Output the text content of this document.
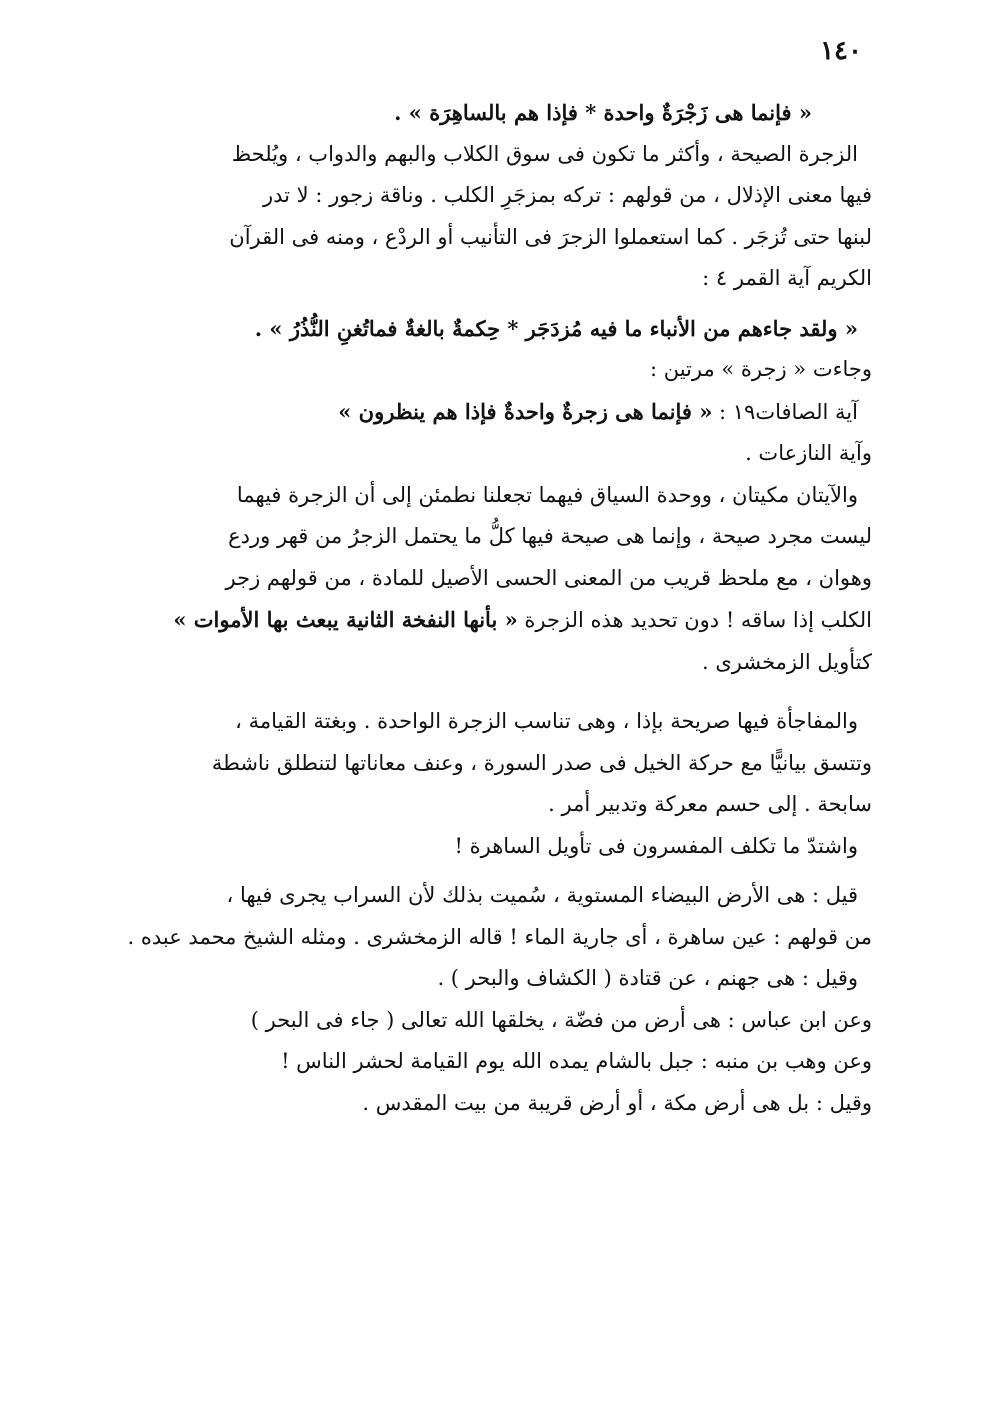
١٤٠

« فإنما هى زَجْرَةٌ واحدة * فإذا هم بالساهِرَة » .

الزجرة الصيحة ، وأكثر ما تكون فى سوق الكلاب والبهم والدواب ، ويُلحظ

فيها معنى الإذلال ، من قولهم : تركه بمزجَرِ الكلب . وناقة زجور : لا تدر

لبنها حتى تُزجَر . كما استعملوا الزجرَ فى التأنيب أو الردْع ، ومنه فى القرآن

الكريم آية القمر ٤ :

« ولقد جاءهم من الأنباء ما فيه مُزدَجَر * حِكمةٌ بالغةٌ فماتُغنِ النُّذُرُ » .

وجاءت « زجرة » مرتين :

آية الصافات١٩ : « فإنما هى زجرةٌ واحدةٌ فإذا هم ينظرون »

وآية النازعات .

والآيتان مكيتان ، ووحدة السياق فيهما تجعلنا نطمئن إلى أن الزجرة فيهما

ليست مجرد صيحة ، وإنما هى صيحة فيها كلُّ ما يحتمل الزجرُ من قهر وردع

وهوان ، مع ملحظ قريب من المعنى الحسى الأصيل للمادة ، من قولهم زجر

الكلب إذا ساقه ! دون تحديد هذه الزجرة « بأنها النفخة الثانية يبعث بها الأموات »

كتأويل الزمخشرى .

والمفاجأة فيها صريحة بإذا ، وهى تناسب الزجرة الواحدة . وبغتة القيامة ،

وتتسق بيانيًّا مع حركة الخيل فى صدر السورة ، وعنف معاناتها لتنطلق ناشطة

سابحة . إلى حسم معركة وتدبير أمر .

واشتدّ ما تكلف المفسرون فى تأويل الساهرة !

قيل : هى الأرض البيضاء المستوية ، سُميت بذلك لأن السراب يجرى فيها ،

من قولهم : عين ساهرة ، أى جارية الماء ! قاله الزمخشرى . ومثله الشيخ محمد عبده .

وقيل : هى جهنم ، عن قتادة ( الكشاف والبحر ) .

وعن ابن عباس : هى أرض من فضّة ، يخلقها الله تعالى ( جاء فى البحر )

وعن وهب بن منبه : جبل بالشام يمده الله يوم القيامة لحشر الناس !

وقيل : بل هى أرض مكة ، أو أرض قريبة من بيت المقدس .
